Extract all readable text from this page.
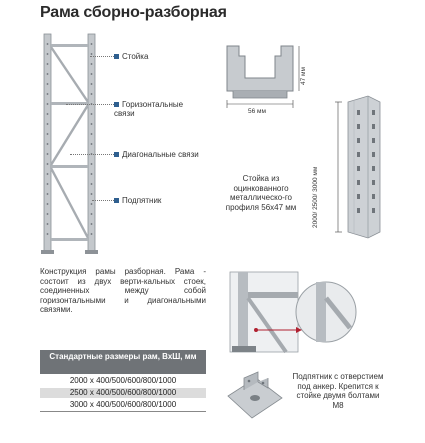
Рама сборно-разборная
Стойка
Горизонтальные связи
Диагональные связи
Подпятник
56 мм
47 мм
2000/ 2500/ 3000 мм
Стойка из оцинкованного металлическо-го профиля 56х47 мм
Конструкция рамы разборная. Рама - состоит из двух верти-кальных стоек, соединенных между собой горизонтальными и диагональными связями.
Стандартные размеры рам, ВхШ, мм
2000 х 400/500/600/800/1000
2500 х 400/500/600/800/1000
3000 х 400/500/600/800/1000
Подпятник с отверстием под анкер. Крепится к стойке двумя болтами М8
